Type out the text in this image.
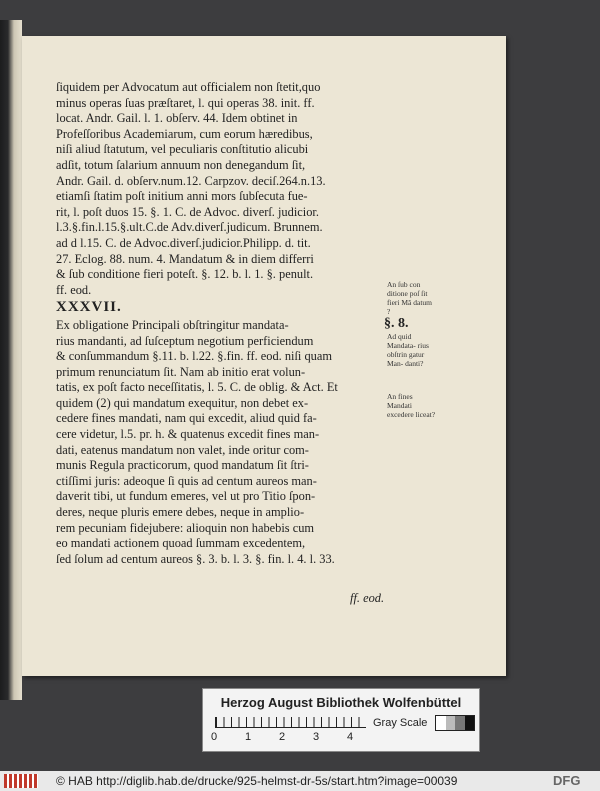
ſiquidem per Advocatum aut officialem non ſtetit,quo
minus operas ſuas præſtaret, l. qui operas 38. init. ff.
locat. Andr. Gail. l. 1. obſerv. 44. Idem obtinet in
Profeſſoribus Academiarum, cum eorum hæredibus,
niſi aliud ſtatutum, vel peculiaris conſtitutio alicubi
adſit, totum ſalarium annuum non denegandum ſit,
Andr. Gail. d. obſerv.num.12. Carpzov. deciſ.264.n.13.
etiamſi ſtatim poſt initium anni mors ſubſecuta fue-
rit, l. poſt duos 15. §. 1. C. de Advoc. diverſ. judicior.
l.3.§.fin.l.15.§.ult.C.de Adv.diverſ.judicum. Brunnem.
ad d l.15. C. de Advoc.diverſ.judicior.Philipp. d. tit.
27. Eclog. 88. num. 4. Mandatum & in diem differri
& ſub conditione fieri poteſt. §. 12. b. l. 1. §. penult.
ff. eod.

XXXVII.

Ex obligatione Principali obſtringitur mandata-
rius mandanti, ad ſuſceptum negotium perficiendum
& conſummandum §.11. b. l.22. §.fin. ff. eod. niſi quam
primum renunciatum ſit. Nam ab initio erat volun-
tatis, ex poſt facto neceſſitatis, l. 5. C. de oblig. & Act. Et
quidem (2) qui mandatum exequitur, non debet ex-
cedere fines mandati, nam qui excedit, aliud quid fa-
cere videtur, l.5. pr. h. & quatenus excedit fines man-
dati, eatenus mandatum non valet, inde oritur com-
munis Regula practicorum, quod mandatum ſit ſtri-
ctiſſimi juris: adeoque ſi quis ad centum aureos man-
daverit tibi, ut fundum emeres, vel ut pro Titio ſpon-
deres, neque pluris emere debes, neque in ampliο-
rem pecuniam fidejubere: alioquin non habebis cum
eo mandati actionem quoad ſummam excedentem,
ſed ſolum ad centum aureos §. 3. b. l. 3. §. fin. l. 4. l. 33.

An ſub con ditione poſ ſit fieri Mã datum ?
§. 8.
Ad quid Mandata- rius obſtrin gatur Man- danti?
An fines Mandati excedere liceat?
ff. eod.
Herzog August Bibliothek Wolfenbüttel
0	1	2	3	4
Gray Scale
© HAB http://diglib.hab.de/drucke/925-helmst-dr-5s/start.htm?image=00039	DFG
